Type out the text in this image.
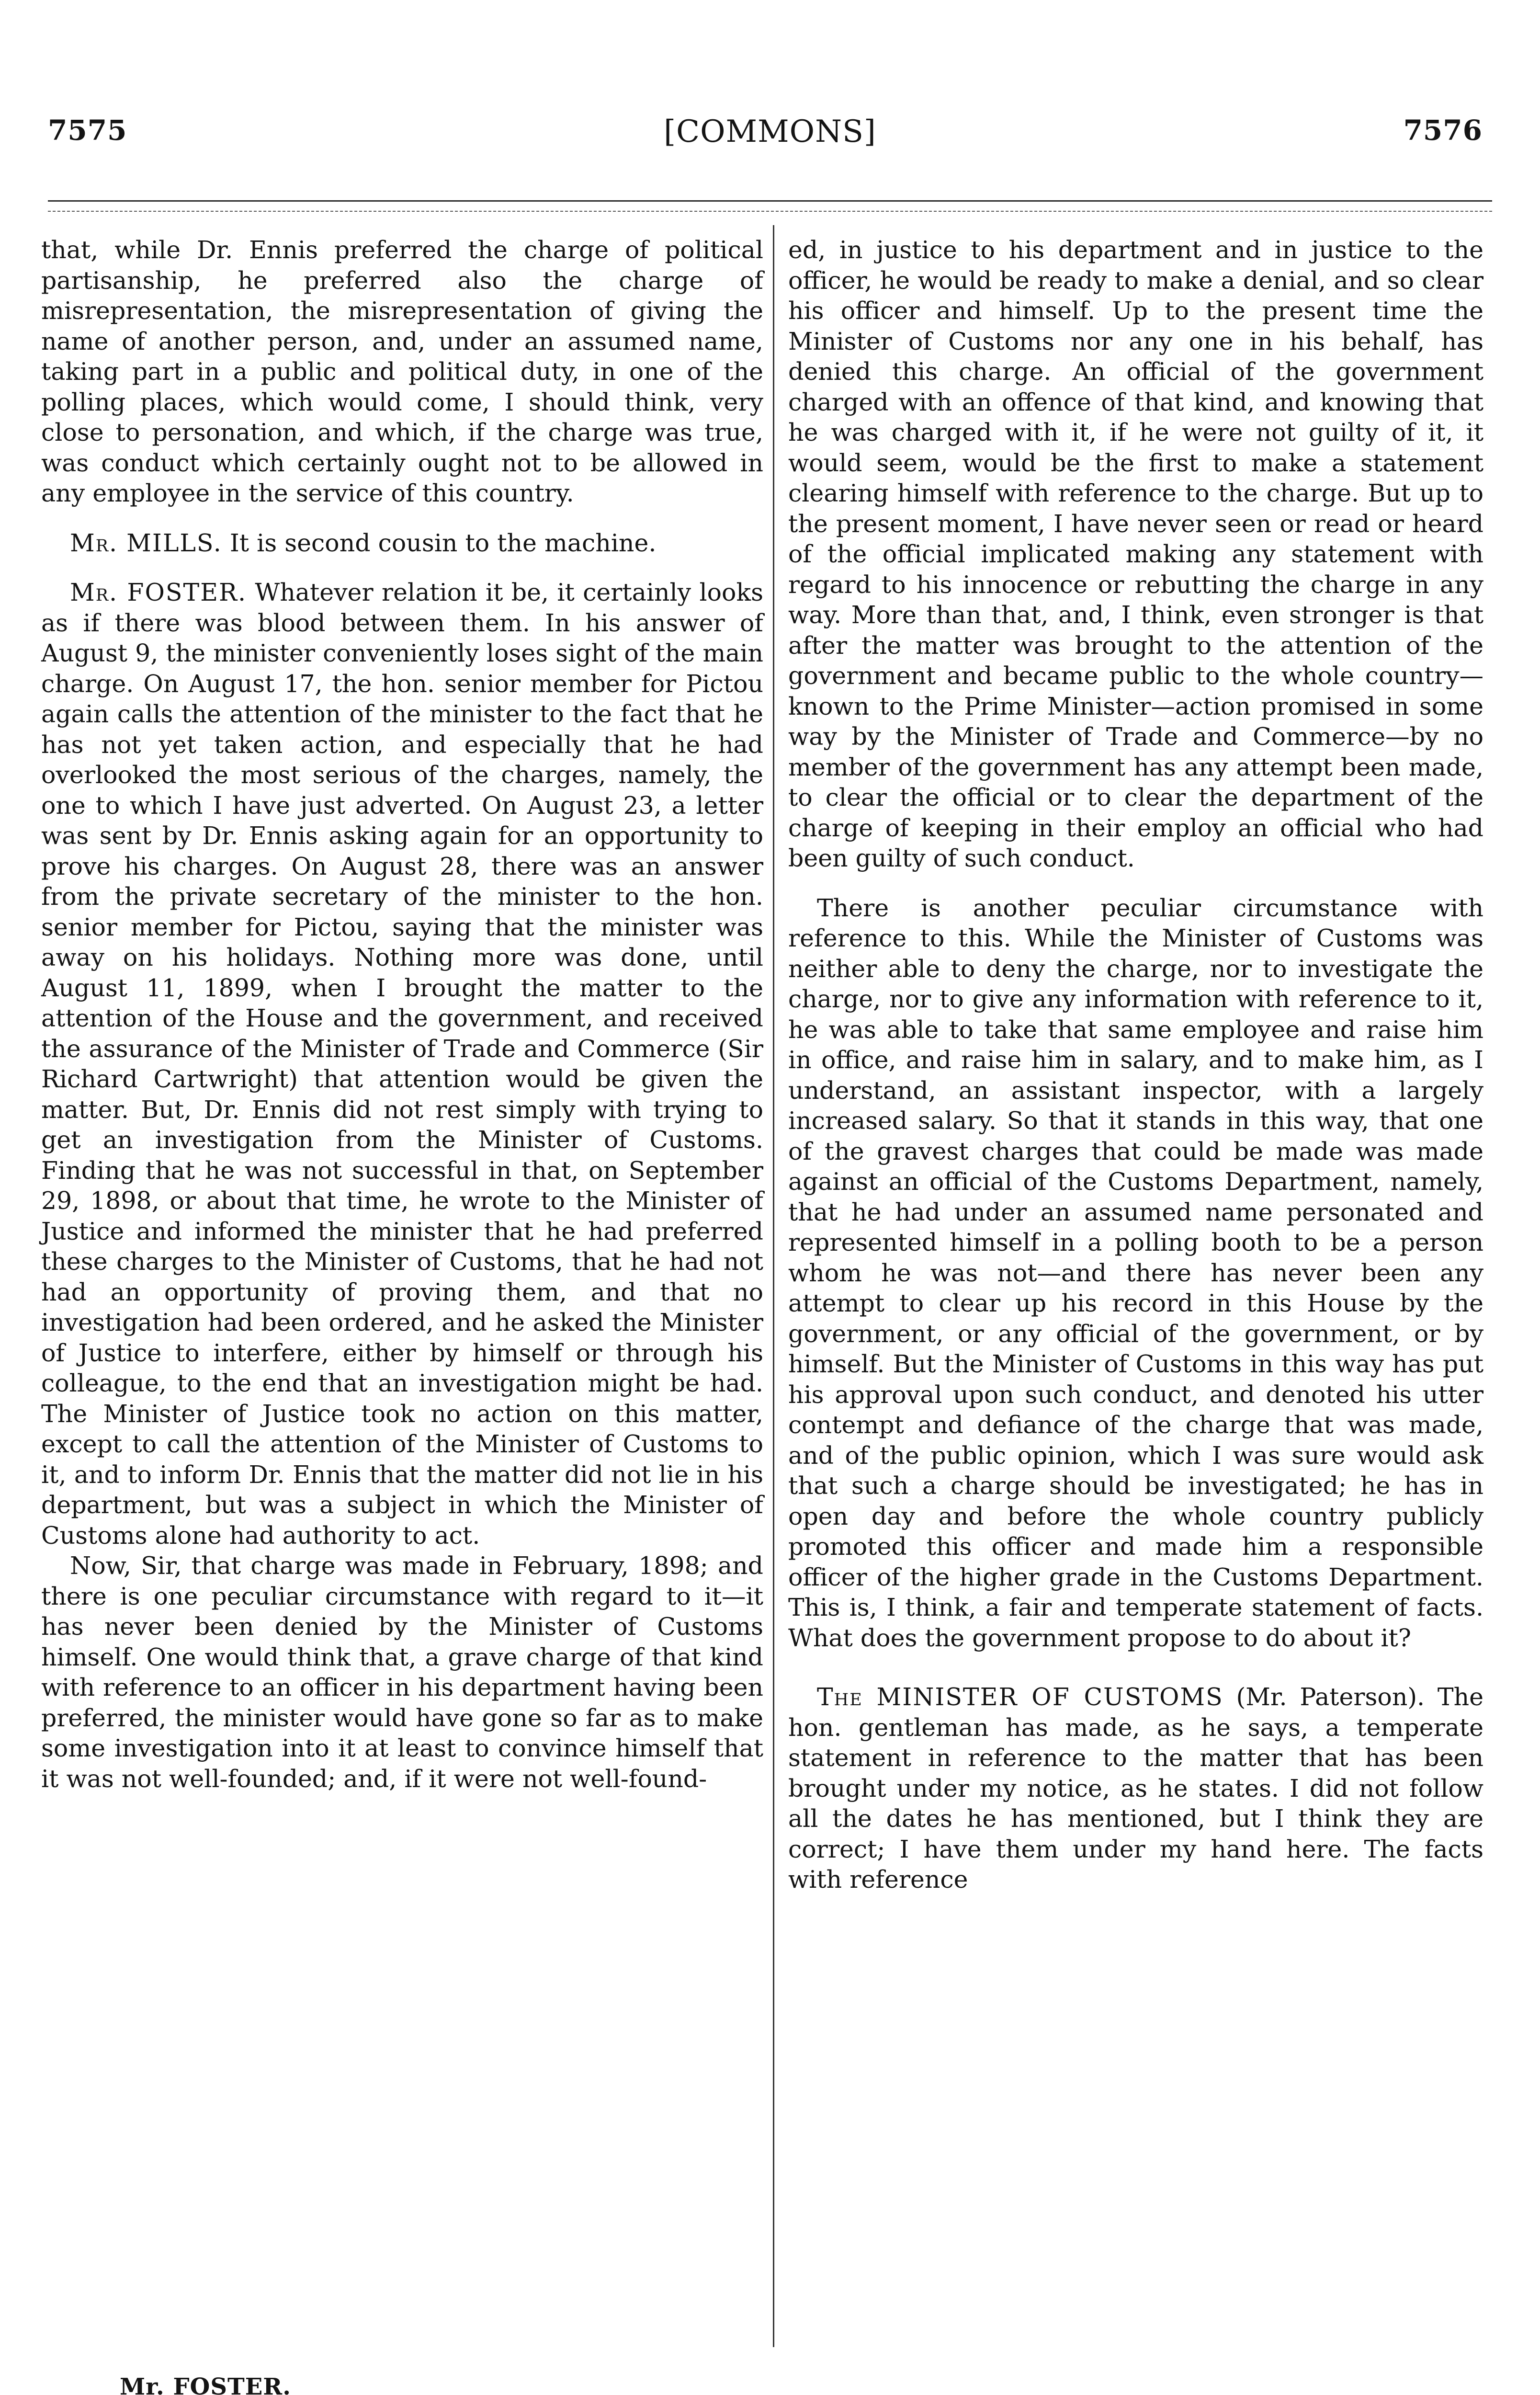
[COMMONS]
7575	7576

that, while Dr. Ennis preferred the charge of political partisanship, he preferred also the charge of misrepresentation, the misrepresentation of giving the name of another person, and, under an assumed name, taking part in a public and political duty, in one of the polling places, which would come, I should think, very close to personation, and which, if the charge was true, was conduct which certainly ought not to be allowed in any employee in the service of this country.

Mr. MILLS. It is second cousin to the machine.

Mr. FOSTER. Whatever relation it be, it certainly looks as if there was blood between them. In his answer of August 9, the minister conveniently loses sight of the main charge. On August 17, the hon. senior member for Pictou again calls the attention of the minister to the fact that he has not yet taken action, and especially that he had overlooked the most serious of the charges, namely, the one to which I have just adverted. On August 23, a letter was sent by Dr. Ennis asking again for an opportunity to prove his charges. On August 28, there was an answer from the private secretary of the minister to the hon. senior member for Pictou, saying that the minister was away on his holidays. Nothing more was done, until August 11, 1899, when I brought the matter to the attention of the House and the government, and received the assurance of the Minister of Trade and Commerce (Sir Richard Cartwright) that attention would be given the matter. But, Dr. Ennis did not rest simply with trying to get an investigation from the Minister of Customs. Finding that he was not successful in that, on September 29, 1898, or about that time, he wrote to the Minister of Justice and informed the minister that he had preferred these charges to the Minister of Customs, that he had not had an opportunity of proving them, and that no investigation had been ordered, and he asked the Minister of Justice to interfere, either by himself or through his colleague, to the end that an investigation might be had. The Minister of Justice took no action on this matter, except to call the attention of the Minister of Customs to it, and to inform Dr. Ennis that the matter did not lie in his department, but was a subject in which the Minister of Customs alone had authority to act.

Now, Sir, that charge was made in February, 1898; and there is one peculiar circumstance with regard to it—it has never been denied by the Minister of Customs himself. One would think that, a grave charge of that kind with reference to an officer in his department having been preferred, the minister would have gone so far as to make some investigation into it at least to convince himself that it was not well-founded; and, if it were not well-found-

ed, in justice to his department and in justice to the officer, he would be ready to make a denial, and so clear his officer and himself. Up to the present time the Minister of Customs nor any one in his behalf, has denied this charge. An official of the government charged with an offence of that kind, and knowing that he was charged with it, if he were not guilty of it, it would seem, would be the first to make a statement clearing himself with reference to the charge. But up to the present moment, I have never seen or read or heard of the official implicated making any statement with regard to his innocence or rebutting the charge in any way. More than that, and, I think, even stronger is that after the matter was brought to the attention of the government and became public to the whole country—known to the Prime Minister—action promised in some way by the Minister of Trade and Commerce—by no member of the government has any attempt been made, to clear the official or to clear the department of the charge of keeping in their employ an official who had been guilty of such conduct.

There is another peculiar circumstance with reference to this. While the Minister of Customs was neither able to deny the charge, nor to investigate the charge, nor to give any information with reference to it, he was able to take that same employee and raise him in office, and raise him in salary, and to make him, as I understand, an assistant inspector, with a largely increased salary. So that it stands in this way, that one of the gravest charges that could be made was made against an official of the Customs Department, namely, that he had under an assumed name personated and represented himself in a polling booth to be a person whom he was not—and there has never been any attempt to clear up his record in this House by the government, or any official of the government, or by himself. But the Minister of Customs in this way has put his approval upon such conduct, and denoted his utter contempt and defiance of the charge that was made, and of the public opinion, which I was sure would ask that such a charge should be investigated; he has in open day and before the whole country publicly promoted this officer and made him a responsible officer of the higher grade in the Customs Department. This is, I think, a fair and temperate statement of facts. What does the government propose to do about it?

The MINISTER OF CUSTOMS (Mr. Paterson). The hon. gentleman has made, as he says, a temperate statement in reference to the matter that has been brought under my notice, as he states. I did not follow all the dates he has mentioned, but I think they are correct; I have them under my hand here. The facts with reference

Mr. FOSTER.
